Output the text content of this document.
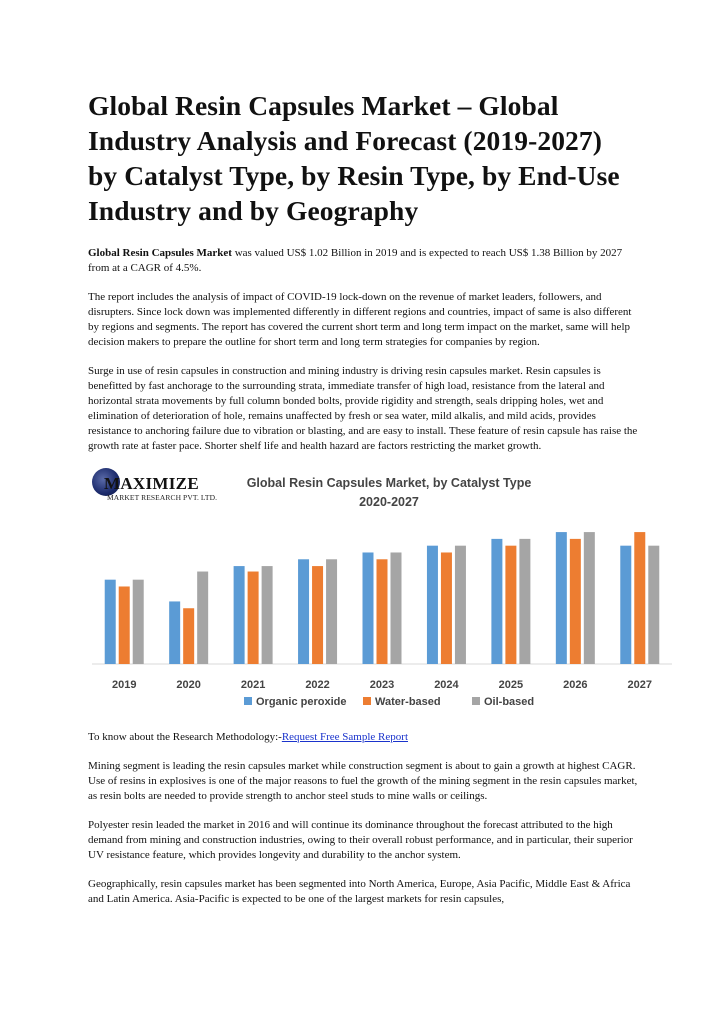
Global Resin Capsules Market – Global Industry Analysis and Forecast (2019-2027) by Catalyst Type, by Resin Type, by End-Use Industry and by Geography

Global Resin Capsules Market was valued US$ 1.02 Billion in 2019 and is expected to reach US$ 1.38 Billion by 2027 from at a CAGR of 4.5%.

The report includes the analysis of impact of COVID-19 lock-down on the revenue of market leaders, followers, and disrupters. Since lock down was implemented differently in different regions and countries, impact of same is also different by regions and segments. The report has covered the current short term and long term impact on the market, same will help decision makers to prepare the outline for short term and long term strategies for companies by region.

Surge in use of resin capsules in construction and mining industry is driving resin capsules market. Resin capsules is benefitted by fast anchorage to the surrounding strata, immediate transfer of high load, resistance from the lateral and horizontal strata movements by full column bonded bolts, provide rigidity and strength, seals dripping holes, wet and elimination of deterioration of hole, remains unaffected by fresh or sea water, mild alkalis, and mild acids, provides resistance to anchoring failure due to vibration or blasting, and are easy to install. These feature of resin capsule has raise the growth rate at faster pace. Shorter shelf life and health hazard are factors restricting the market growth.

MAXIMIZE
MARKET RESEARCH PVT. LTD.
Global Resin Capsules Market, by Catalyst Type
2020-2027
2019	2020	2021	2022	2023	2024	2025	2026	2027
Organic peroxide	Water-based	Oil-based

To know about the Research Methodology:-Request Free Sample Report

Mining segment is leading the resin capsules market while construction segment is about to gain a growth at highest CAGR. Use of resins in explosives is one of the major reasons to fuel the growth of the mining segment in the resin capsules market, as resin bolts are needed to provide strength to anchor steel studs to mine walls or ceilings.

Polyester resin leaded the market in 2016 and will continue its dominance throughout the forecast attributed to the high demand from mining and construction industries, owing to their overall robust performance, and in particular, their superior UV resistance feature, which provides longevity and durability to the anchor system.

Geographically, resin capsules market has been segmented into North America, Europe, Asia Pacific, Middle East & Africa and Latin America. Asia-Pacific is expected to be one of the largest markets for resin capsules,
